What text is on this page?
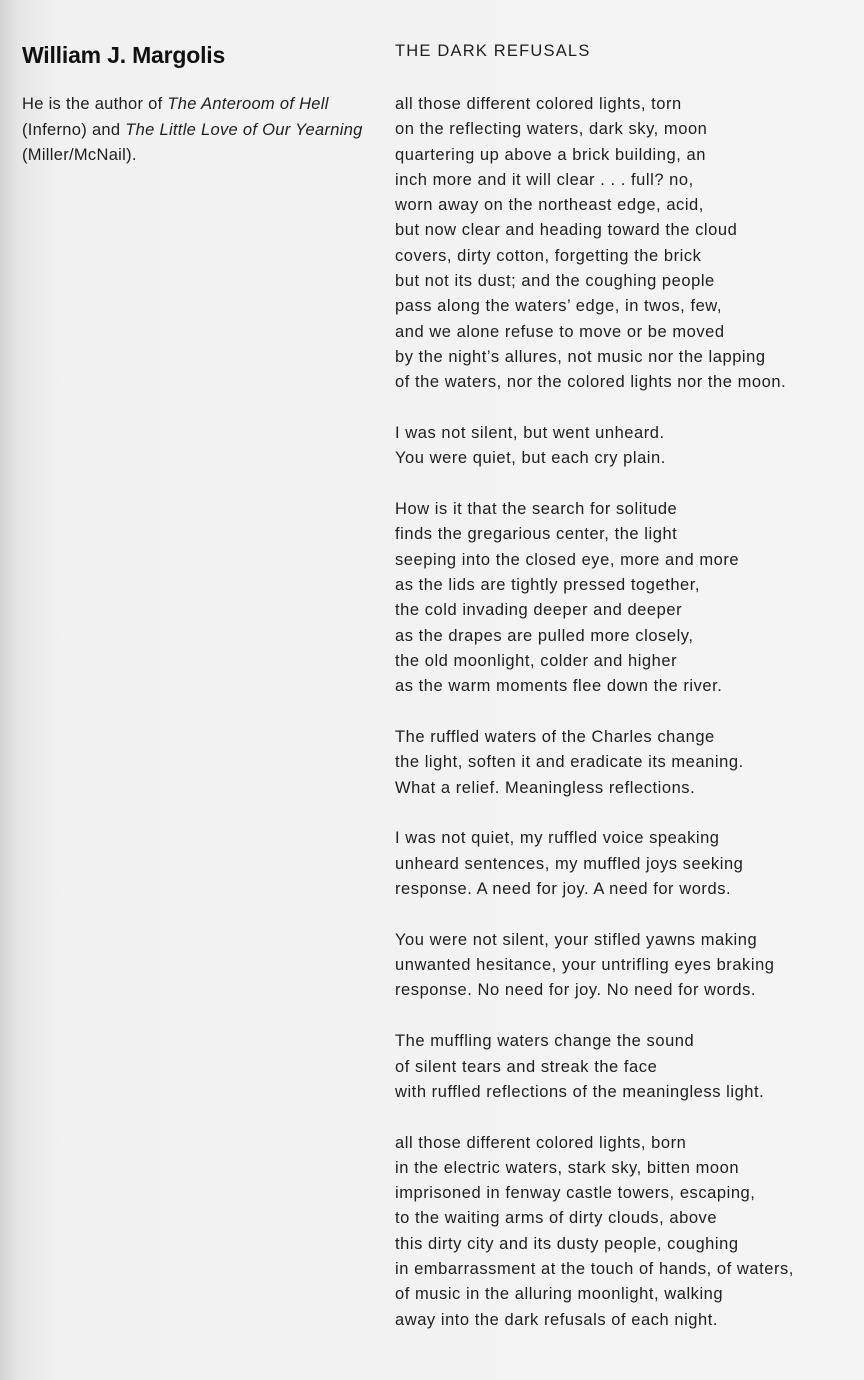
William J. Margolis

He is the author of The Anteroom of Hell (Inferno) and The Little Love of Our Yearning (Miller/McNail).

THE DARK REFUSALS
all those different colored lights, torn
on the reflecting waters, dark sky, moon
quartering up above a brick building, an
inch more and it will clear . . . full? no,
worn away on the northeast edge, acid,
but now clear and heading toward the cloud
covers, dirty cotton, forgetting the brick
but not its dust; and the coughing people
pass along the waters’ edge, in twos, few,
and we alone refuse to move or be moved
by the night’s allures, not music nor the lapping
of the waters, nor the colored lights nor the moon.
I was not silent, but went unheard.
You were quiet, but each cry plain.
How is it that the search for solitude
finds the gregarious center, the light
seeping into the closed eye, more and more
as the lids are tightly pressed together,
the cold invading deeper and deeper
as the drapes are pulled more closely,
the old moonlight, colder and higher
as the warm moments flee down the river.
The ruffled waters of the Charles change
the light, soften it and eradicate its meaning.
What a relief. Meaningless reflections.
I was not quiet, my ruffled voice speaking
unheard sentences, my muffled joys seeking
response. A need for joy. A need for words.
You were not silent, your stifled yawns making
unwanted hesitance, your untrifling eyes braking
response. No need for joy. No need for words.
The muffling waters change the sound
of silent tears and streak the face
with ruffled reflections of the meaningless light.
all those different colored lights, born
in the electric waters, stark sky, bitten moon
imprisoned in fenway castle towers, escaping,
to the waiting arms of dirty clouds, above
this dirty city and its dusty people, coughing
in embarrassment at the touch of hands, of waters,
of music in the alluring moonlight, walking
away into the dark refusals of each night.
